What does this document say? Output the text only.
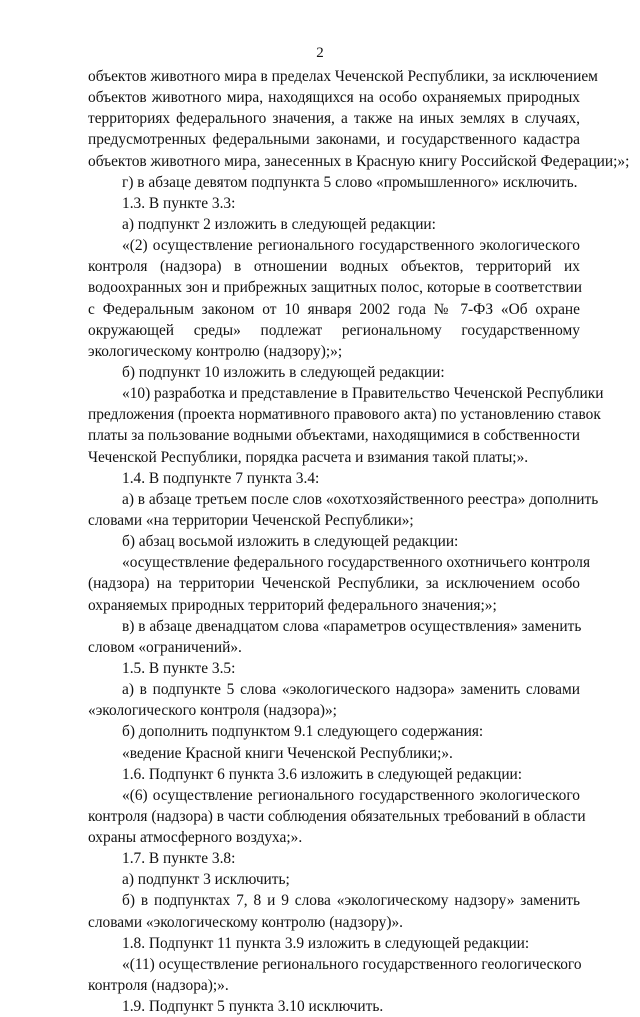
2
объектов животного мира в пределах Чеченской Республики, за исключением
объектов животного мира, находящихся на особо охраняемых природных
территориях федерального значения, а также на иных землях в случаях,
предусмотренных федеральными законами, и государственного кадастра
объектов животного мира, занесенных в Красную книгу Российской Федерации;»;
г) в абзаце девятом подпункта 5 слово «промышленного» исключить.
1.3. В пункте 3.3:
а) подпункт 2 изложить в следующей редакции:
«(2) осуществление регионального государственного экологического
контроля (надзора) в отношении водных объектов, территорий их
водоохранных зон и прибрежных защитных полос, которые в соответствии
с Федеральным законом от 10 января 2002 года № 7-ФЗ «Об охране
окружающей среды» подлежат региональному государственному
экологическому контролю (надзору);»;
б) подпункт 10 изложить в следующей редакции:
«10) разработка и представление в Правительство Чеченской Республики
предложения (проекта нормативного правового акта) по установлению ставок
платы за пользование водными объектами, находящимися в собственности
Чеченской Республики, порядка расчета и взимания такой платы;».
1.4. В подпункте 7 пункта 3.4:
а) в абзаце третьем после слов «охотхозяйственного реестра» дополнить
словами «на территории Чеченской Республики»;
б) абзац восьмой изложить в следующей редакции:
«осуществление федерального государственного охотничьего контроля
(надзора) на территории Чеченской Республики, за исключением особо
охраняемых природных территорий федерального значения;»;
в) в абзаце двенадцатом слова «параметров осуществления» заменить
словом «ограничений».
1.5. В пункте 3.5:
а) в подпункте 5 слова «экологического надзора» заменить словами
«экологического контроля (надзора)»;
б) дополнить подпунктом 9.1 следующего содержания:
«ведение Красной книги Чеченской Республики;».
1.6. Подпункт 6 пункта 3.6 изложить в следующей редакции:
«(6) осуществление регионального государственного экологического
контроля (надзора) в части соблюдения обязательных требований в области
охраны атмосферного воздуха;».
1.7. В пункте 3.8:
а) подпункт 3 исключить;
б) в подпунктах 7, 8 и 9 слова «экологическому надзору» заменить
словами «экологическому контролю (надзору)».
1.8. Подпункт 11 пункта 3.9 изложить в следующей редакции:
«(11) осуществление регионального государственного геологического
контроля (надзора);».
1.9. Подпункт 5 пункта 3.10 исключить.
